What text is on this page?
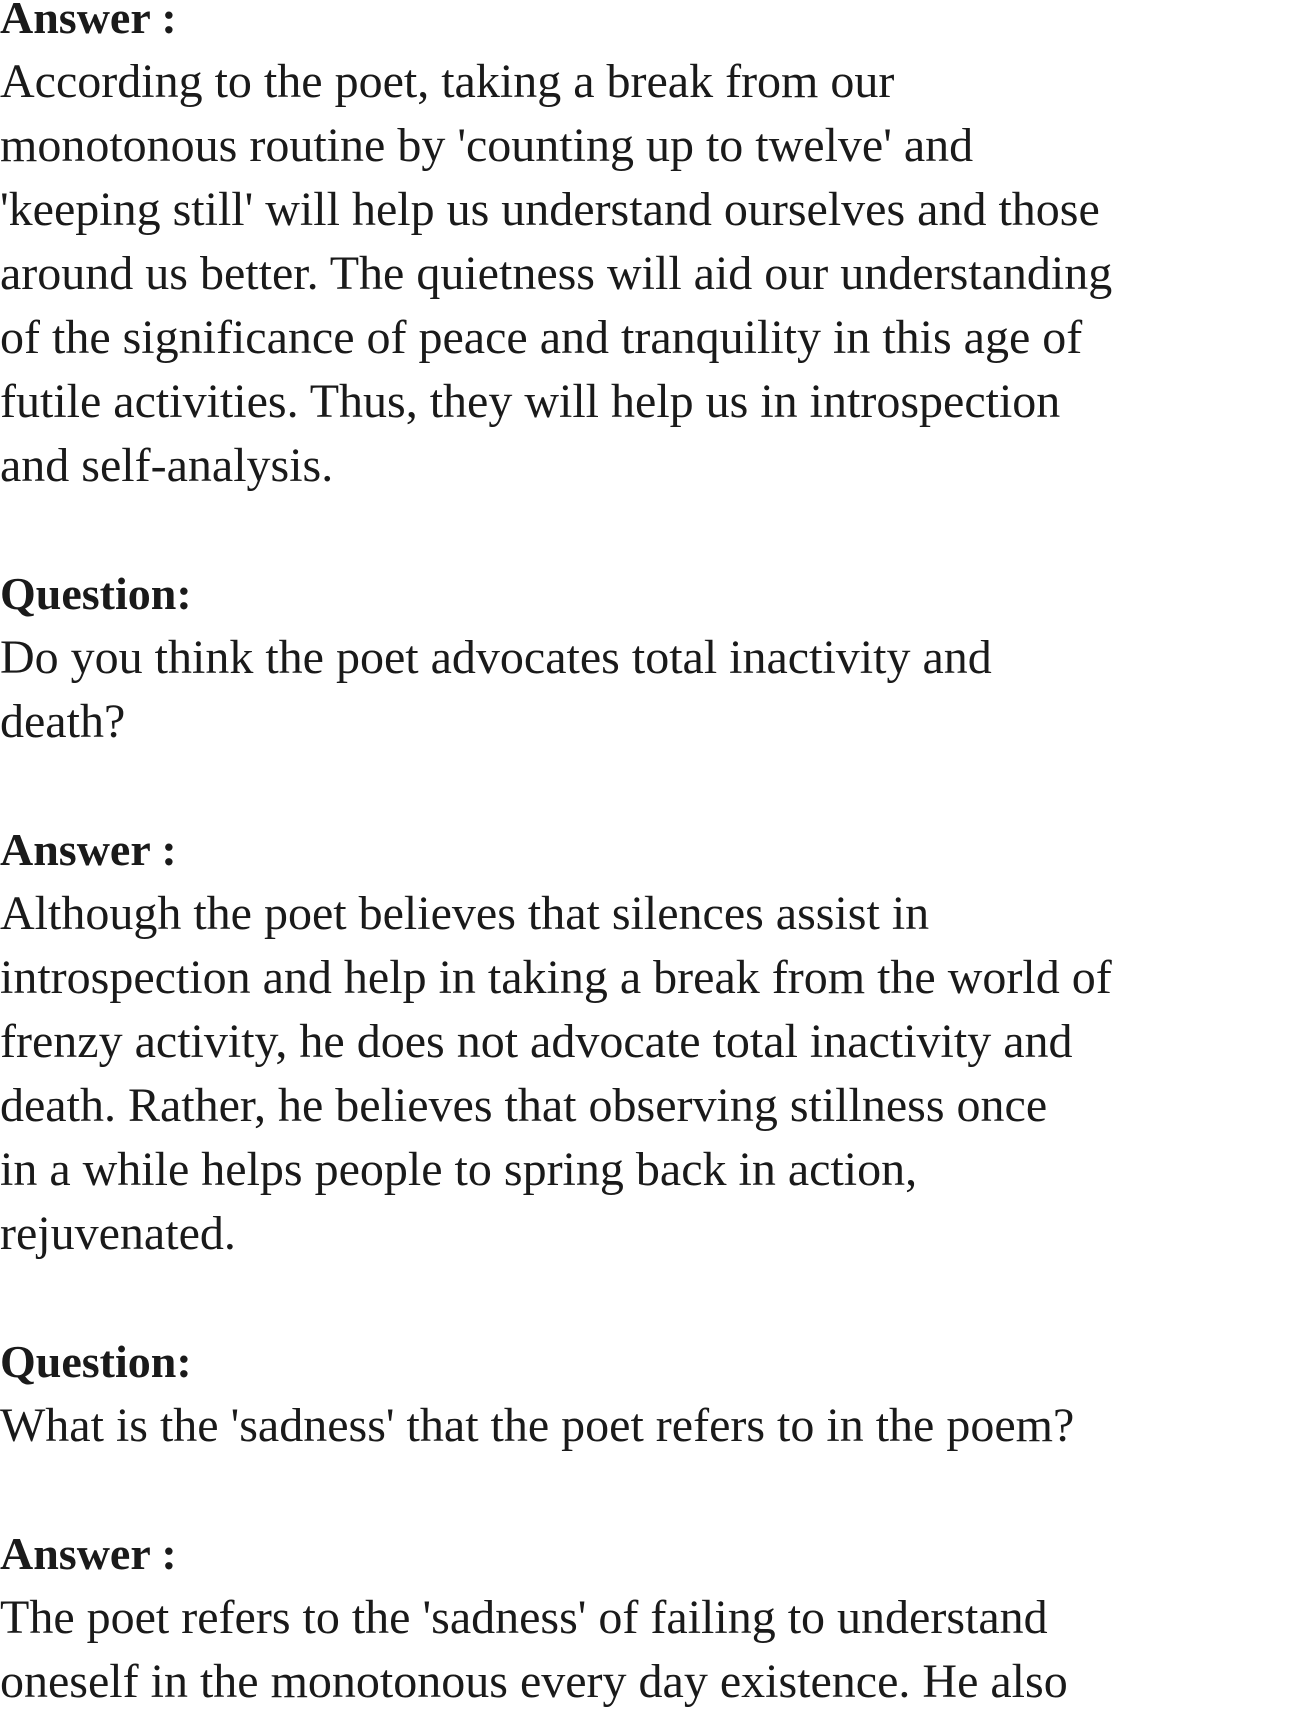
Answer :

According to the poet, taking a break from our

monotonous routine by 'counting up to twelve' and

'keeping still' will help us understand ourselves and those

around us better. The quietness will aid our understanding

of the significance of peace and tranquility in this age of

futile activities. Thus, they will help us in introspection

and self-analysis.

Question:

Do you think the poet advocates total inactivity and

death?

Answer :

Although the poet believes that silences assist in

introspection and help in taking a break from the world of

frenzy activity, he does not advocate total inactivity and

death. Rather, he believes that observing stillness once

in a while helps people to spring back in action,

rejuvenated.

Question:

What is the 'sadness' that the poet refers to in the poem?

Answer :

The poet refers to the 'sadness' of failing to understand

oneself in the monotonous every day existence. He also
